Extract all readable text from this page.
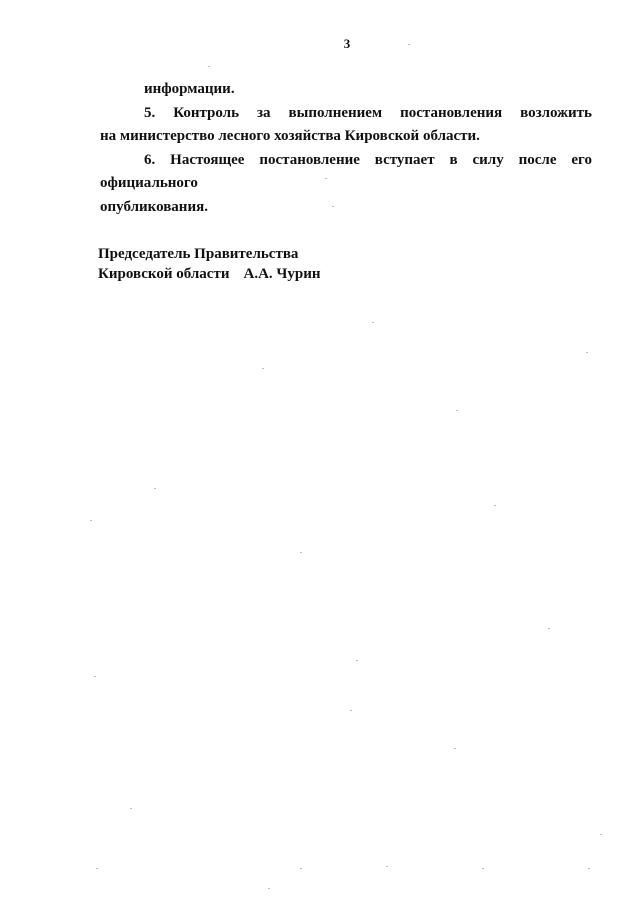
3

информации.

5. Контроль за выполнением постановления возложить

на министерство лесного хозяйства Кировской области.

6. Настоящее постановление вступает в силу после его официального

опубликования.

Председатель Правительства
Кировской области А.А. Чурин
